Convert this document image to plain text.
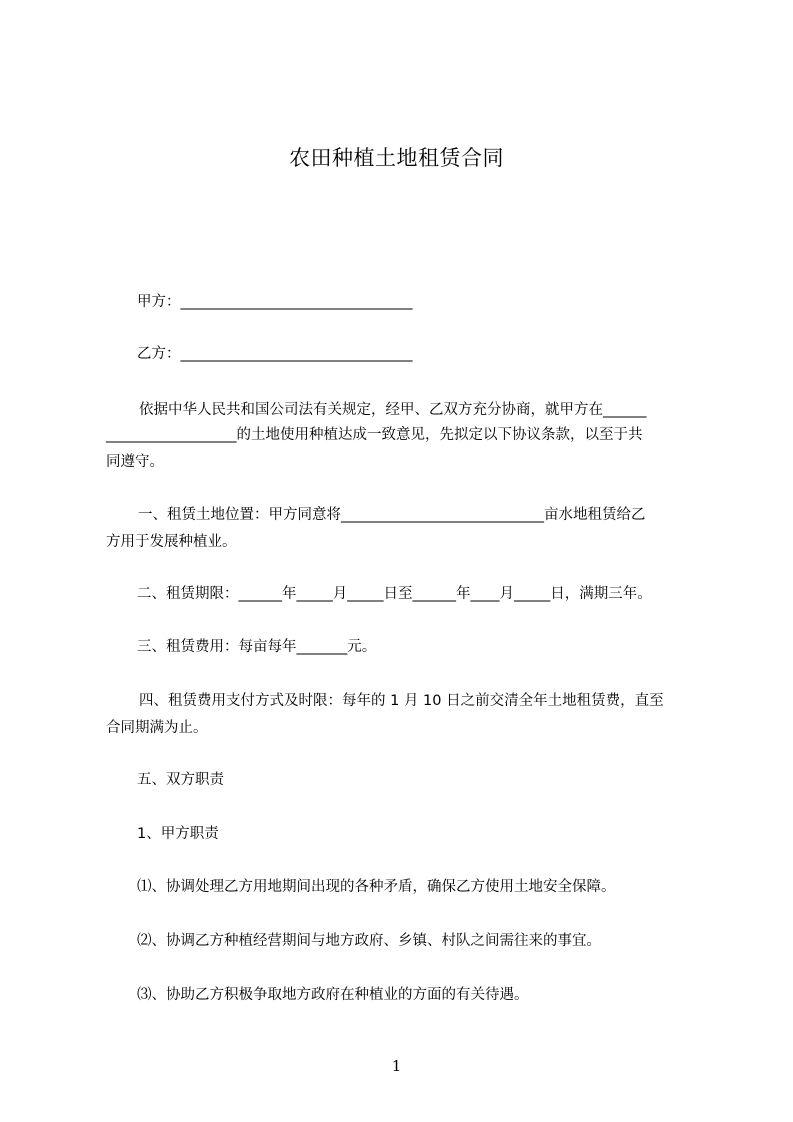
农田种植土地租赁合同
甲方：________________________________
乙方：________________________________
依据中华人民共和国公司法有关规定，经甲、乙双方充分协商，就甲方在______
__________________的土地使用种植达成一致意见，先拟定以下协议条款，以至于共
同遵守。
一、租赁土地位置：甲方同意将____________________________亩水地租赁给乙
方用于发展种植业。
二、租赁期限：______年_____月_____日至______年____月_____日，满期三年。
三、租赁费用：每亩每年_______元。
四、租赁费用支付方式及时限：每年的 1 月 10 日之前交清全年土地租赁费，直至
合同期满为止。
五、双方职责
1、甲方职责
⑴、协调处理乙方用地期间出现的各种矛盾，确保乙方使用土地安全保障。
⑵、协调乙方种植经营期间与地方政府、乡镇、村队之间需往来的事宜。
⑶、协助乙方积极争取地方政府在种植业的方面的有关待遇。
1
